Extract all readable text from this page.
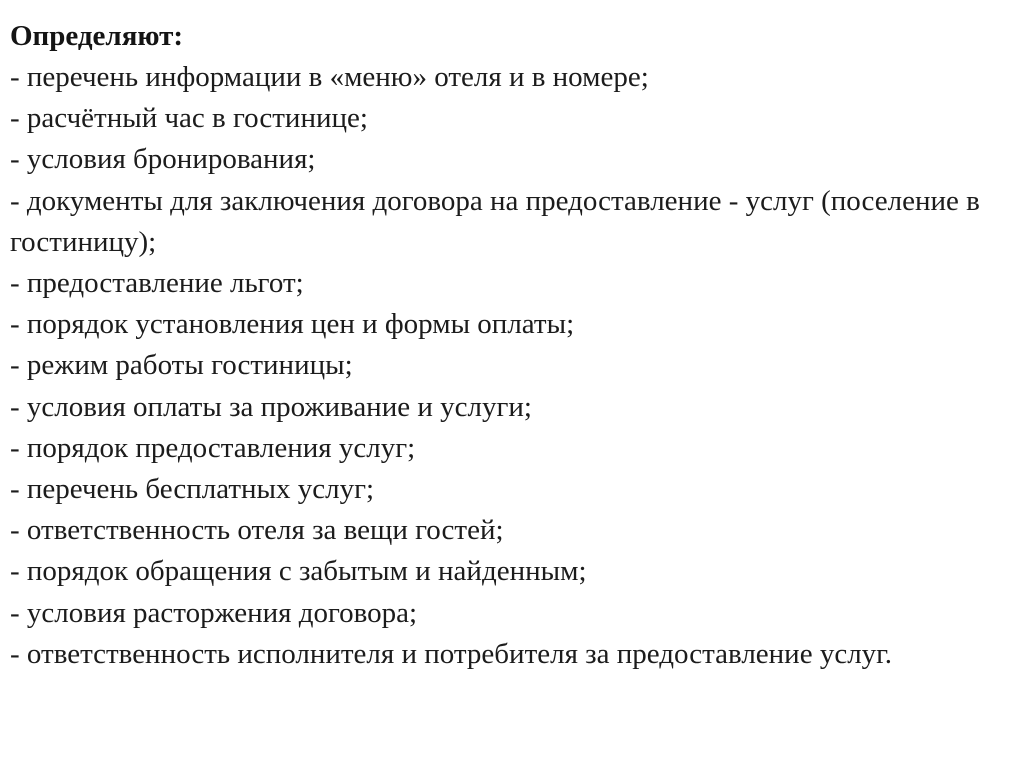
Определяют:
- перечень информации в «меню» отеля и в номере;
- расчётный час в гостинице;
- условия бронирования;
- документы для заключения договора на предоставление - услуг (поселение в гостиницу);
- предоставление льгот;
- порядок установления цен и формы оплаты;
- режим работы гостиницы;
- условия оплаты за проживание и услуги;
- порядок предоставления услуг;
- перечень бесплатных услуг;
- ответственность отеля за вещи гостей;
- порядок обращения с забытым и найденным;
- условия расторжения договора;
- ответственность исполнителя и потребителя за предоставление услуг.
